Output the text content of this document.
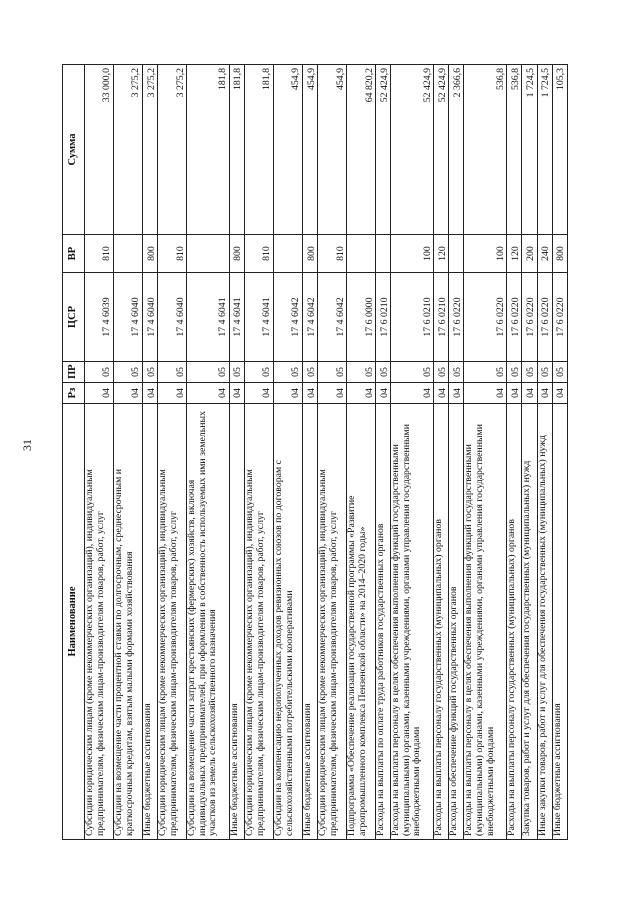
31
Наименование	Рз	ПР	ЦСР	ВР	Сумма
Субсидии юридическим лицам (кроме некоммерческих организаций), индивидуальным предпринимателям, физическим лицам-производителям товаров, работ, услуг	04	05	17 4 6039	810	33 000,0
Субсидии на возмещение части процентной ставки по долгосрочным, среднесрочным и краткосрочным кредитам, взятым малыми формами хозяйствования	04	05	17 4 6040		3 275,2
Иные бюджетные ассигнования	04	05	17 4 6040	800	3 275,2
Субсидии юридическим лицам (кроме некоммерческих организаций), индивидуальным предпринимателям, физическим лицам-производителям товаров, работ, услуг	04	05	17 4 6040	810	3 275,2
Субсидии на возмещение части затрат крестьянских (фермерских) хозяйств, включая индивидуальных предпринимателей, при оформлении в собственность используемых ими земельных участков из земель сельскохозяйственного назначения	04	05	17 4 6041		181,8
Иные бюджетные ассигнования	04	05	17 4 6041	800	181,8
Субсидии юридическим лицам (кроме некоммерческих организаций), индивидуальным предпринимателям, физическим лицам-производителям товаров, работ, услуг	04	05	17 4 6041	810	181,8
Субсидии на компенсацию недополученных доходов ревизионных союзов по договорам с сельскохозяйственными потребительскими кооперативами	04	05	17 4 6042		454,9
Иные бюджетные ассигнования	04	05	17 4 6042	800	454,9
Субсидии юридическим лицам (кроме некоммерческих организаций), индивидуальным предпринимателям, физическим лицам-производителям товаров, работ, услуг	04	05	17 4 6042	810	454,9
Подпрограмма «Обеспечение реализации государственной программы «Развитие агропромышленного комплекса Пензенской области» на 2014–2020 годы»	04	05	17 6 0000		64 820,2
Расходы на выплаты по оплате труда работников государственных органов	04	05	17 6 0210		52 424,9
Расходы на выплаты персоналу в целях обеспечения выполнения функций государственными (муниципальными) органами, казенными учреждениями, органами управления государственными внебюджетными фондами	04	05	17 6 0210	100	52 424,9
Расходы на выплаты персоналу государственных (муниципальных) органов	04	05	17 6 0210	120	52 424,9
Расходы на обеспечение функций государственных органов	04	05	17 6 0220		2 366,6
Расходы на выплаты персоналу в целях обеспечения выполнения функций государственными (муниципальными) органами, казенными учреждениями, органами управления государственными внебюджетными фондами	04	05	17 6 0220	100	536,8
Расходы на выплаты персоналу государственных (муниципальных) органов	04	05	17 6 0220	120	536,8
Закупка товаров, работ и услуг для обеспечения государственных (муниципальных) нужд	04	05	17 6 0220	200	1 724,5
Иные закупки товаров, работ и услуг для обеспечения государственных (муниципальных) нужд	04	05	17 6 0220	240	1 724,5
Иные бюджетные ассигнования	04	05	17 6 0220	800	105,3
